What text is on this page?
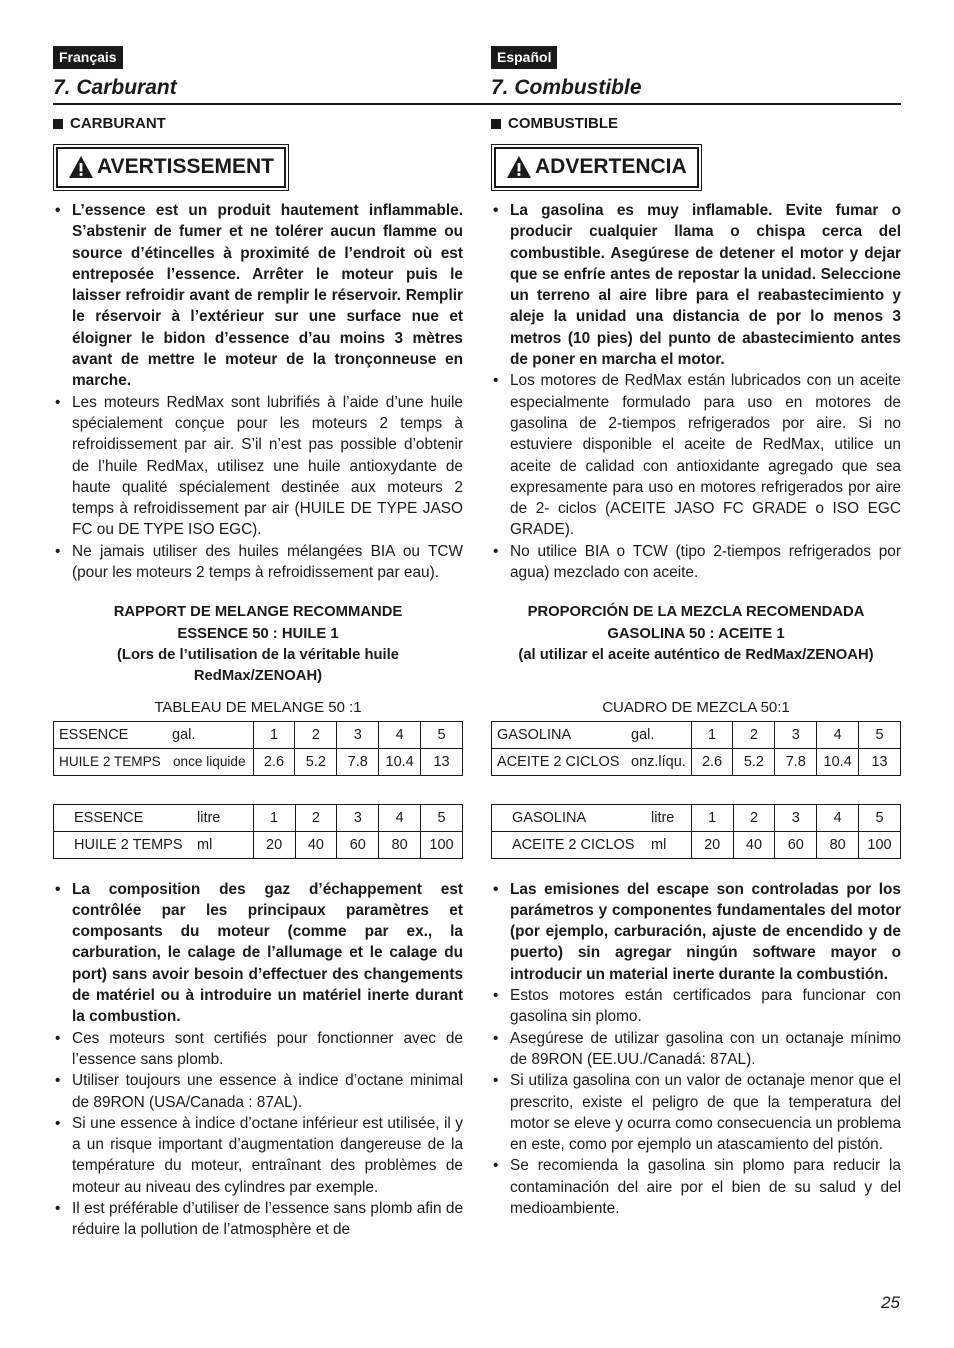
Français
7. Carburant
CARBURANT
AVERTISSEMENT
• L’essence est un produit hautement inflammable. S’abstenir de fumer et ne tolérer aucun flamme ou source d’étincelles à proximité de l’endroit où est entreposée l’essence. Arrêter le moteur puis le laisser refroidir avant de remplir le réservoir. Remplir le réservoir à l’extérieur sur une surface nue et éloigner le bidon d’essence d’au moins 3 mètres avant de mettre le moteur de la tronçonneuse en marche.
• Les moteurs RedMax sont lubrifiés à l’aide d’une huile spécialement conçue pour les moteurs 2 temps à refroidissement par air. S’il n’est pas possible d’obtenir de l’huile RedMax, utilisez une huile antioxydante de haute qualité spécialement destinée aux moteurs 2 temps à refroidissement par air (HUILE DE TYPE JASO FC ou DE TYPE ISO EGC).
• Ne jamais utiliser des huiles mélangées BIA ou TCW (pour les moteurs 2 temps à refroidissement par eau).
RAPPORT DE MELANGE RECOMMANDE
ESSENCE 50 : HUILE 1
(Lors de l’utilisation de la véritable huile
RedMax/ZENOAH)
TABLEAU DE MELANGE 50 :1
ESSENCE gal.	1	2	3	4	5
HUILE 2 TEMPS once liquide	2.6	5.2	7.8	10.4	13
ESSENCE litre	1	2	3	4	5
HUILE 2 TEMPS ml	20	40	60	80	100
• La composition des gaz d’échappement est contrôlée par les principaux paramètres et composants du moteur (comme par ex., la carburation, le calage de l’allumage et le calage du port) sans avoir besoin d’effectuer des changements de matériel ou à introduire un matériel inerte durant la combustion.
• Ces moteurs sont certifiés pour fonctionner avec de l’essence sans plomb.
• Utiliser toujours une essence à indice d’octane minimal de 89RON (USA/Canada : 87AL).
• Si une essence à indice d’octane inférieur est utilisée, il y a un risque important d’augmentation dangereuse de la température du moteur, entraînant des problèmes de moteur au niveau des cylindres par exemple.
• Il est préférable d’utiliser de l’essence sans plomb afin de réduire la pollution de l’atmosphère et de
Español
7. Combustible
COMBUSTIBLE
ADVERTENCIA
• La gasolina es muy inflamable. Evite fumar o producir cualquier llama o chispa cerca del combustible. Asegúrese de detener el motor y dejar que se enfríe antes de repostar la unidad. Seleccione un terreno al aire libre para el reabastecimiento y aleje la unidad una distancia de por lo menos 3 metros (10 pies) del punto de abastecimiento antes de poner en marcha el motor.
• Los motores de RedMax están lubricados con un aceite especialmente formulado para uso en motores de gasolina de 2-tiempos refrigerados por aire. Si no estuviere disponible el aceite de RedMax, utilice un aceite de calidad con antioxidante agregado que sea expresamente para uso en motores refrigerados por aire de 2- ciclos (ACEITE JASO FC GRADE o ISO EGC GRADE).
• No utilice BIA o TCW (tipo 2-tiempos refrigerados por agua) mezclado con aceite.
PROPORCIÓN DE LA MEZCLA RECOMENDADA
GASOLINA 50 : ACEITE 1
(al utilizar el aceite auténtico de RedMax/ZENOAH)
CUADRO DE MEZCLA 50:1
GASOLINA gal.	1	2	3	4	5
ACEITE 2 CICLOS onz.líqu.	2.6	5.2	7.8	10.4	13
GASOLINA litre	1	2	3	4	5
ACEITE 2 CICLOS ml	20	40	60	80	100
• Las emisiones del escape son controladas por los parámetros y componentes fundamentales del motor (por ejemplo, carburación, ajuste de encendido y de puerto) sin agregar ningún software mayor o introducir un material inerte durante la combustión.
• Estos motores están certificados para funcionar con gasolina sin plomo.
• Asegúrese de utilizar gasolina con un octanaje mínimo de 89RON (EE.UU./Canadá: 87AL).
• Si utiliza gasolina con un valor de octanaje menor que el prescrito, existe el peligro de que la temperatura del motor se eleve y ocurra como consecuencia un problema en este, como por ejemplo un atascamiento del pistón.
• Se recomienda la gasolina sin plomo para reducir la contaminación del aire por el bien de su salud y del medioambiente.
25
